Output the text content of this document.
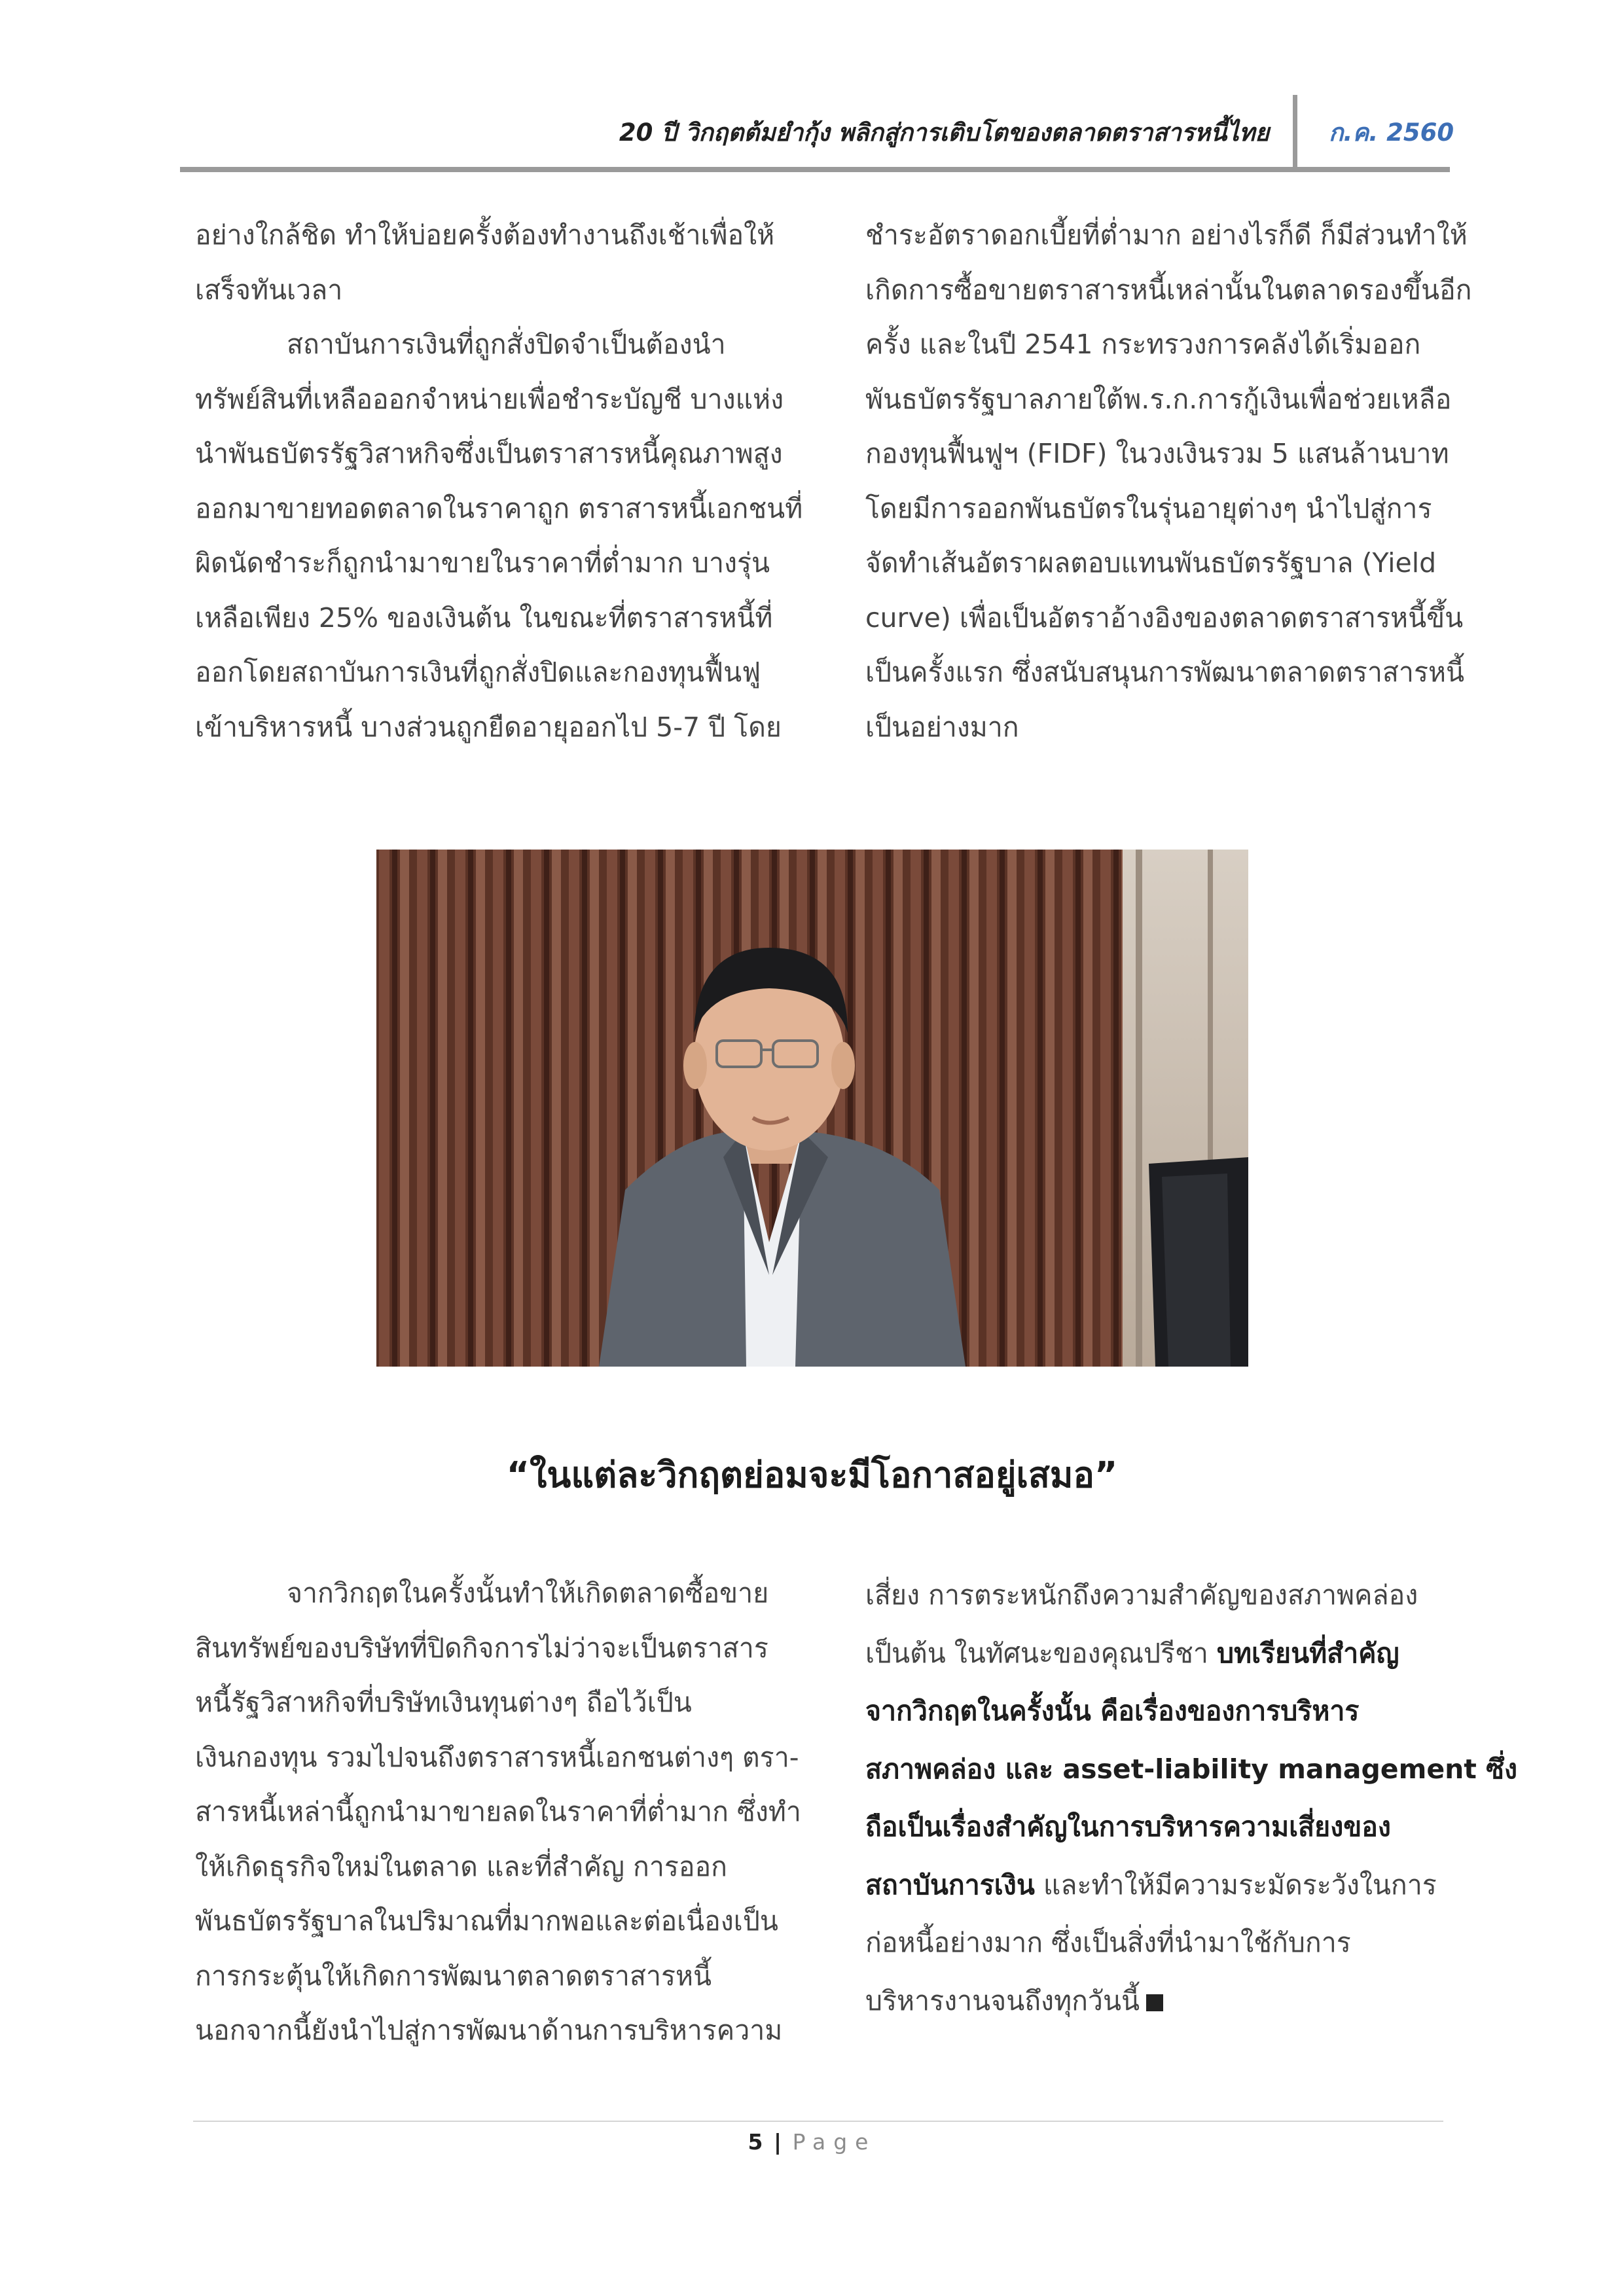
20 ปี วิกฤตต้มยำกุ้ง พลิกสู่การเติบโตของตลาดตราสารหนี้ไทย ก.ค. 2560

อย่างใกล้ชิด ทำให้บ่อยครั้งต้องทำงานถึงเช้าเพื่อให้

เสร็จทันเวลา

สถาบันการเงินที่ถูกสั่งปิดจำเป็นต้องนำ

ทรัพย์สินที่เหลือออกจำหน่ายเพื่อชำระบัญชี บางแห่ง

นำพันธบัตรรัฐวิสาหกิจซึ่งเป็นตราสารหนี้คุณภาพสูง

ออกมาขายทอดตลาดในราคาถูก ตราสารหนี้เอกชนที่

ผิดนัดชำระก็ถูกนำมาขายในราคาที่ต่ำมาก บางรุ่น

เหลือเพียง 25% ของเงินต้น ในขณะที่ตราสารหนี้ที่

ออกโดยสถาบันการเงินที่ถูกสั่งปิดและกองทุนฟื้นฟู

เข้าบริหารหนี้ บางส่วนถูกยืดอายุออกไป 5-7 ปี โดย

ชำระอัตราดอกเบี้ยที่ต่ำมาก อย่างไรก็ดี ก็มีส่วนทำให้

เกิดการซื้อขายตราสารหนี้เหล่านั้นในตลาดรองขึ้นอีก

ครั้ง และในปี 2541 กระทรวงการคลังได้เริ่มออก

พันธบัตรรัฐบาลภายใต้พ.ร.ก.การกู้เงินเพื่อช่วยเหลือ

กองทุนฟื้นฟูฯ (FIDF) ในวงเงินรวม 5 แสนล้านบาท

โดยมีการออกพันธบัตรในรุ่นอายุต่างๆ นำไปสู่การ

จัดทำเส้นอัตราผลตอบแทนพันธบัตรรัฐบาล (Yield

curve) เพื่อเป็นอัตราอ้างอิงของตลาดตราสารหนี้ขึ้น

เป็นครั้งแรก ซึ่งสนับสนุนการพัฒนาตลาดตราสารหนี้

เป็นอย่างมาก

“ในแต่ละวิกฤตย่อมจะมีโอกาสอยู่เสมอ”

จากวิกฤตในครั้งนั้นทำให้เกิดตลาดซื้อขาย

สินทรัพย์ของบริษัทที่ปิดกิจการไม่ว่าจะเป็นตราสาร

หนี้รัฐวิสาหกิจที่บริษัทเงินทุนต่างๆ ถือไว้เป็น

เงินกองทุน รวมไปจนถึงตราสารหนี้เอกชนต่างๆ ตรา-

สารหนี้เหล่านี้ถูกนำมาขายลดในราคาที่ต่ำมาก ซึ่งทำ

ให้เกิดธุรกิจใหม่ในตลาด และที่สำคัญ การออก

พันธบัตรรัฐบาลในปริมาณที่มากพอและต่อเนื่องเป็น

การกระตุ้นให้เกิดการพัฒนาตลาดตราสารหนี้

นอกจากนี้ยังนำไปสู่การพัฒนาด้านการบริหารความ

เสี่ยง การตระหนักถึงความสำคัญของสภาพคล่อง

เป็นต้น ในทัศนะของคุณปรีชา บทเรียนที่สำคัญ

จากวิกฤตในครั้งนั้น คือเรื่องของการบริหาร

สภาพคล่อง และ asset-liability management ซึ่ง

ถือเป็นเรื่องสำคัญในการบริหารความเสี่ยงของ

สถาบันการเงิน และทำให้มีความระมัดระวังในการ

ก่อหนี้อย่างมาก ซึ่งเป็นสิ่งที่นำมาใช้กับการ

บริหารงานจนถึงทุกวันนี้

5 | Page
